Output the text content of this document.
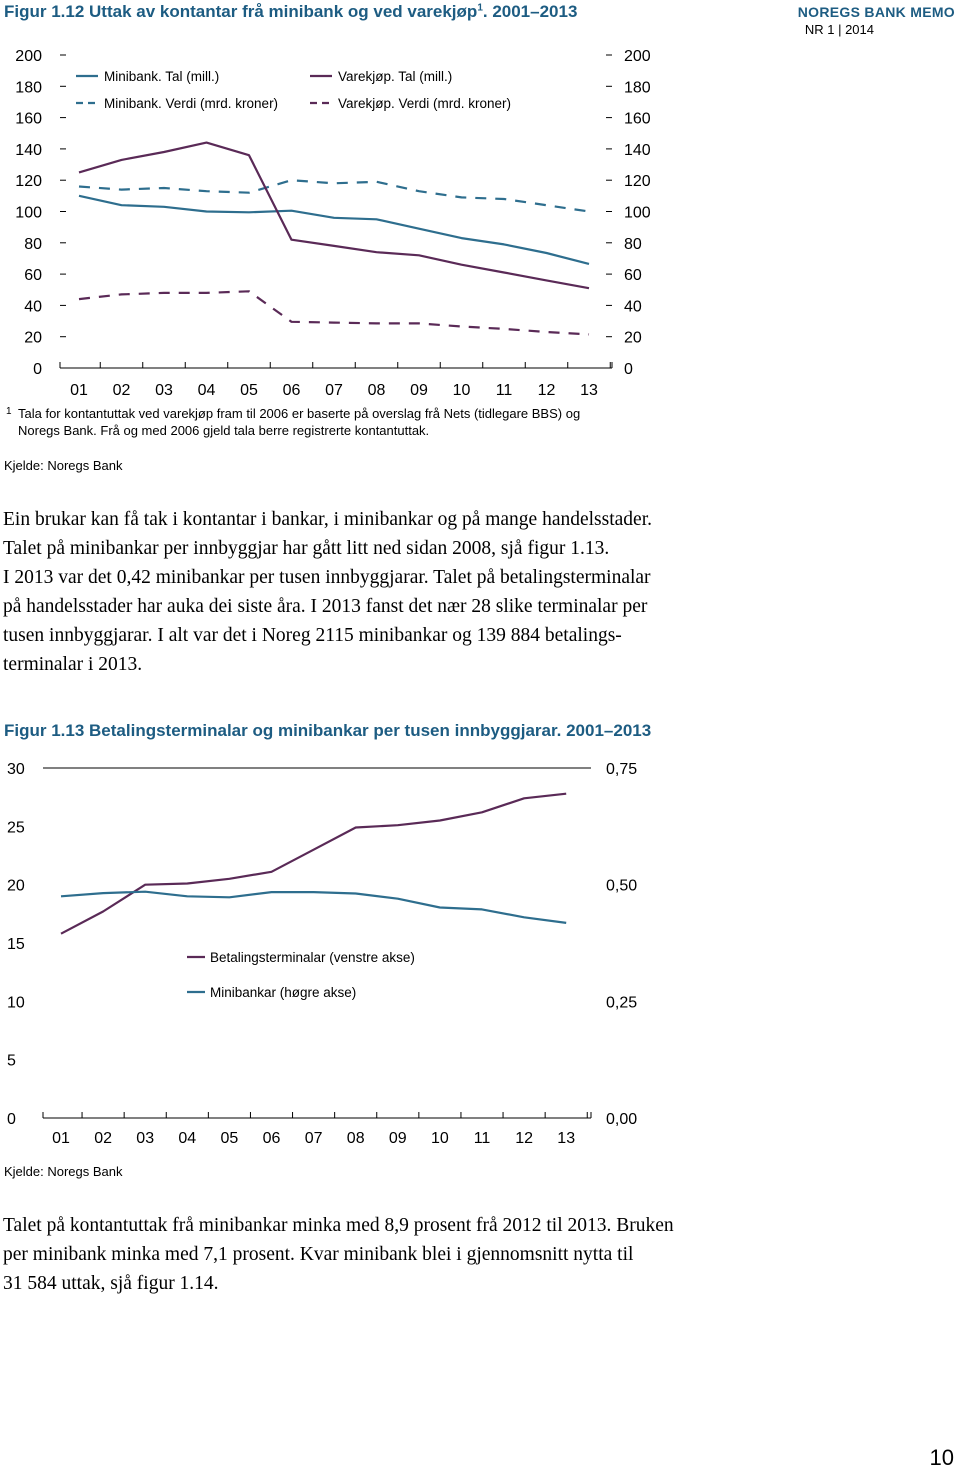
Figur 1.12 Uttak av kontantar frå minibank og ved varekjøp$^1$. 2001–2013	NOREGS BANK MEMO
NR 1 | 2014
0
20
40
60
80
100
120
140
160
180
200
0
20
40
60
80
100
120
140
160
180
200
01 02 03 04 05 06 07 08 09 10 11 12 13
Minibank. Tal (mill.)
Minibank. Verdi (mrd. kroner)
Varekjøp. Tal (mill.)
Varekjøp. Verdi (mrd. kroner)
1 Tala for kontantuttak ved varekjøp fram til 2006 er baserte på overslag frå Nets (tidlegare BBS) og Noregs Bank. Frå og med 2006 gjeld tala berre registrerte kontantuttak.
Kjelde: Noregs Bank
Ein brukar kan få tak i kontantar i bankar, i minibankar og på mange handelsstader.
Talet på minibankar per innbyggjar har gått litt ned sidan 2008, sjå figur 1.13.
I 2013 var det 0,42 minibankar per tusen innbyggjarar. Talet på betalingsterminalar
på handelsstader har auka dei siste åra. I 2013 fanst det nær 28 slike terminalar per
tusen innbyggjarar. I alt var det i Noreg 2115 minibankar og 139 884 betalings-
terminalar i 2013.
Figur 1.13 Betalingsterminalar og minibankar per tusen innbyggjarar. 2001–2013
0
5
10
15
20
25
30
0,00
0,25
0,50
0,75
01 02 03 04 05 06 07 08 09 10 11 12 13
Betalingsterminalar (venstre akse)
Minibankar (høgre akse)
Kjelde: Noregs Bank
Talet på kontantuttak frå minibankar minka med 8,9 prosent frå 2012 til 2013. Bruken
per minibank minka med 7,1 prosent. Kvar minibank blei i gjennomsnitt nytta til
31 584 uttak, sjå figur 1.14.
10
